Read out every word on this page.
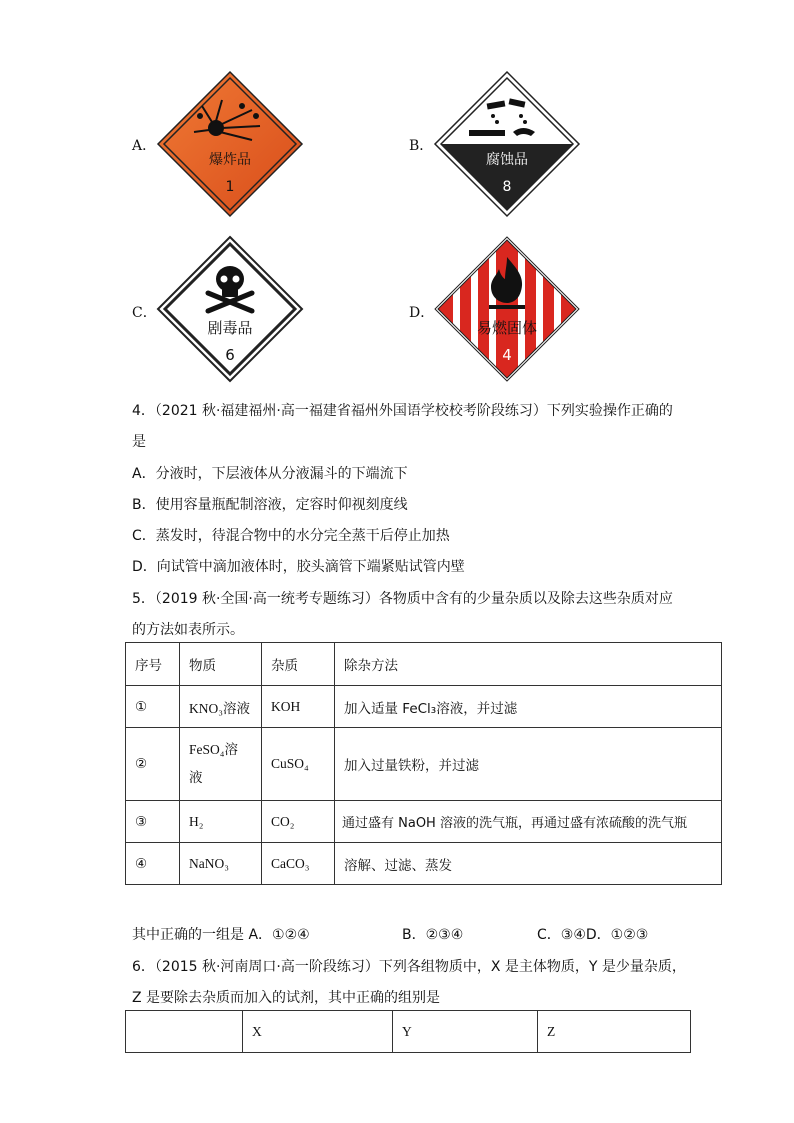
A．
爆炸品
1
B．
腐蚀品
8
C．
剧毒品
6
D．
易燃固体
4
4．（2021 秋·福建福州·高一福建省福州外国语学校校考阶段练习）下列实验操作正确的
是
A．分液时，下层液体从分液漏斗的下端流下
B．使用容量瓶配制溶液，定容时仰视刻度线
C．蒸发时，待混合物中的水分完全蒸干后停止加热
D．向试管中滴加液体时，胶头滴管下端紧贴试管内壁
5．（2019 秋·全国·高一统考专题练习）各物质中含有的少量杂质以及除去这些杂质对应
的方法如表所示。
序号	物质	杂质	除杂方法
①	KNO₃溶液	KOH	加入适量 FeCl₃溶液，并过滤
②	FeSO₄溶
液	CuSO₄	加入过量铁粉，并过滤
③	H₂	CO₂	通过盛有 NaOH 溶液的洗气瓶，再通过盛有浓硫酸的洗气瓶
④	NaNO₃	CaCO₃	溶解、过滤、蒸发
其中正确的一组是 A．①②④	B．②③④	C．③④D．①②③
6．（2015 秋·河南周口·高一阶段练习）下列各组物质中，X 是主体物质，Y 是少量杂质，
Z 是要除去杂质而加入的试剂，其中正确的组别是
	X	Y	Z
